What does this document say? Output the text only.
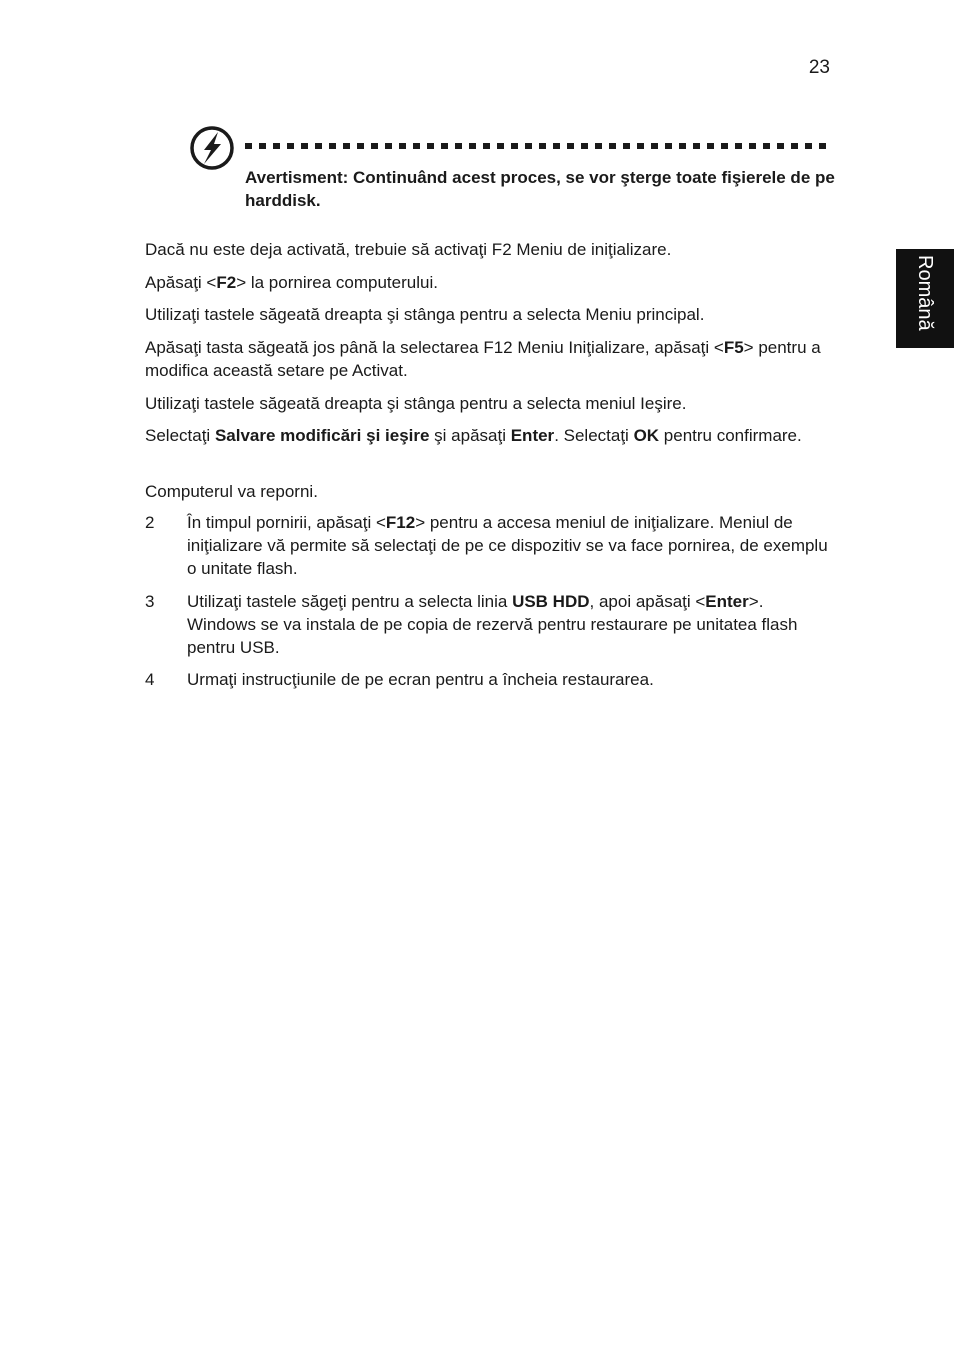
23
Română
Avertisment: Continuând acest proces, se vor şterge toate fişierele de pe harddisk.
Dacă nu este deja activată, trebuie să activaţi F2 Meniu de iniţializare.
Apăsaţi <F2> la pornirea computerului.
Utilizaţi tastele săgeată dreapta şi stânga pentru a selecta Meniu principal.
Apăsaţi tasta săgeată jos până la selectarea F12 Meniu Iniţializare, apăsaţi <F5> pentru a modifica această setare pe Activat.
Utilizaţi tastele săgeată dreapta şi stânga pentru a selecta meniul Ieşire.
Selectaţi Salvare modificări şi ieşire şi apăsaţi Enter. Selectaţi OK pentru confirmare.
Computerul va reporni.
2	În timpul pornirii, apăsaţi <F12> pentru a accesa meniul de iniţializare. Meniul de iniţializare vă permite să selectaţi de pe ce dispozitiv se va face pornirea, de exemplu o unitate flash.
3	Utilizaţi tastele săgeţi pentru a selecta linia USB HDD, apoi apăsaţi <Enter>. Windows se va instala de pe copia de rezervă pentru restaurare pe unitatea flash pentru USB.
4	Urmaţi instrucţiunile de pe ecran pentru a încheia restaurarea.
